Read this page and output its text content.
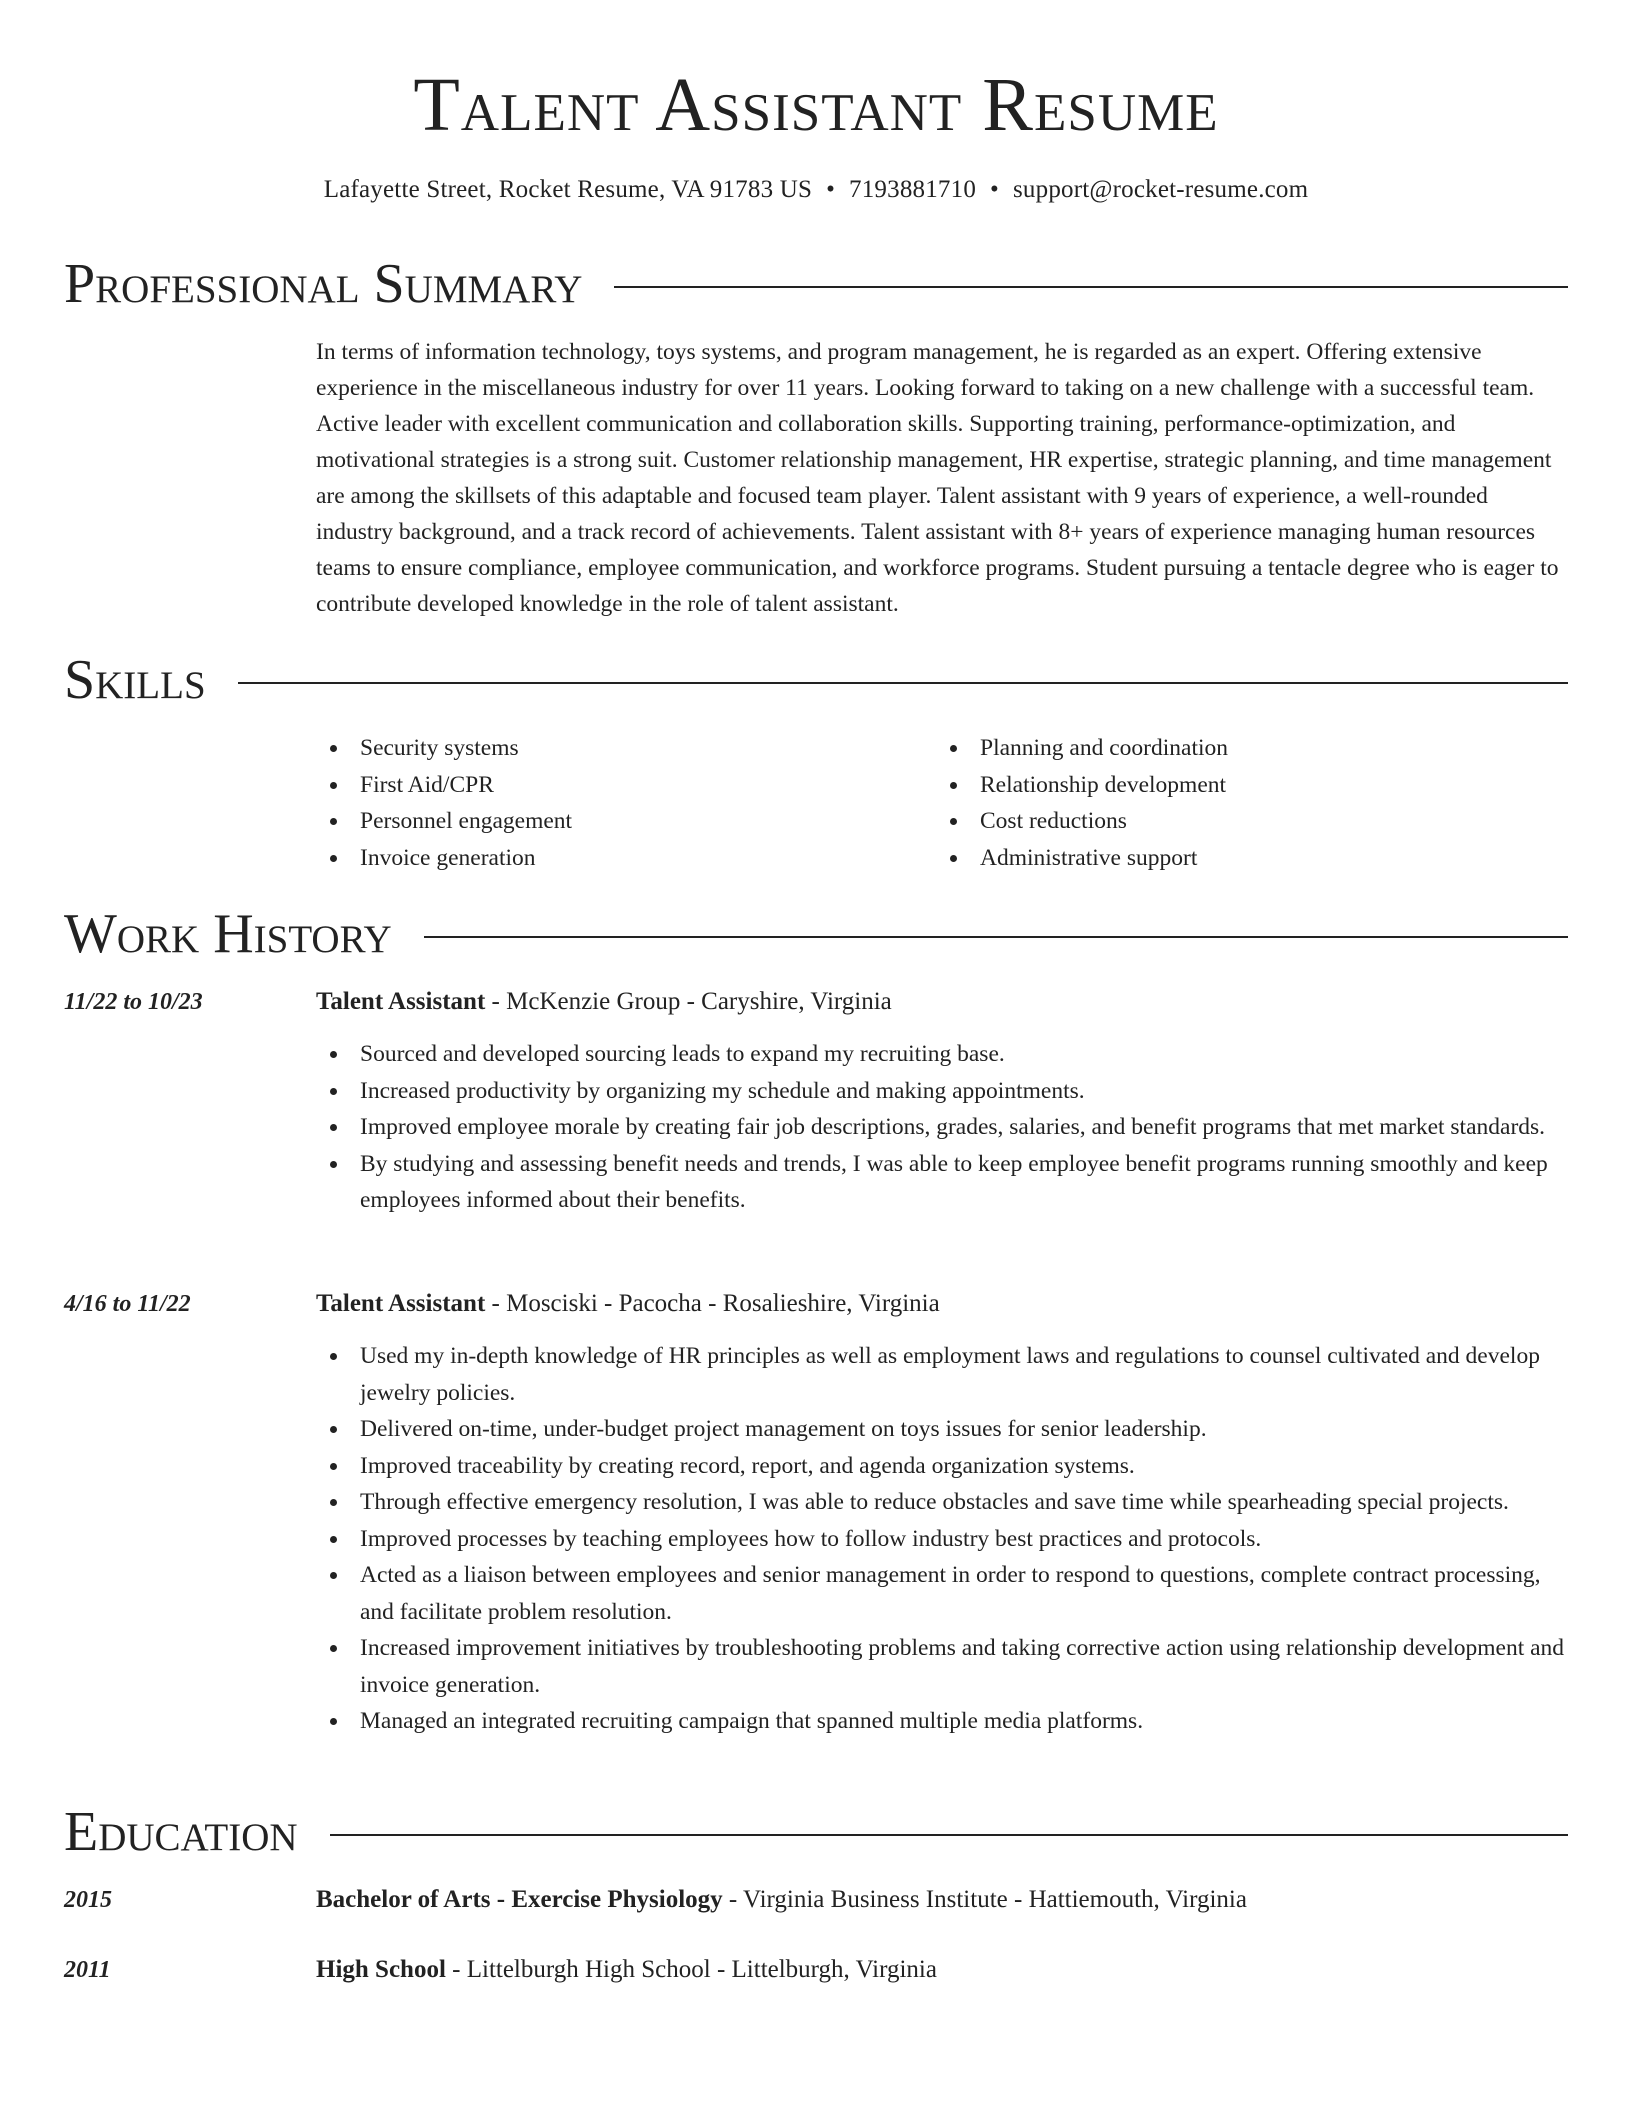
Talent Assistant Resume
Lafayette Street, Rocket Resume, VA 91783 US • 7193881710 • support@rocket-resume.com
Professional Summary

In terms of information technology, toys systems, and program management, he is regarded as an expert. Offering extensive experience in the miscellaneous industry for over 11 years. Looking forward to taking on a new challenge with a successful team. Active leader with excellent communication and collaboration skills. Supporting training, performance-optimization, and motivational strategies is a strong suit. Customer relationship management, HR expertise, strategic planning, and time management are among the skillsets of this adaptable and focused team player. Talent assistant with 9 years of experience, a well-rounded industry background, and a track record of achievements. Talent assistant with 8+ years of experience managing human resources teams to ensure compliance, employee communication, and workforce programs. Student pursuing a tentacle degree who is eager to contribute developed knowledge in the role of talent assistant.

Skills
Security systems
First Aid/CPR
Personnel engagement
Invoice generation
Planning and coordination
Relationship development
Cost reductions
Administrative support
Work History
11/22 to 10/23	Talent Assistant - McKenzie Group - Caryshire, Virginia
Sourced and developed sourcing leads to expand my recruiting base.
Increased productivity by organizing my schedule and making appointments.
Improved employee morale by creating fair job descriptions, grades, salaries, and benefit programs that met market standards.
By studying and assessing benefit needs and trends, I was able to keep employee benefit programs running smoothly and keep employees informed about their benefits.
4/16 to 11/22	Talent Assistant - Mosciski - Pacocha - Rosalieshire, Virginia
Used my in-depth knowledge of HR principles as well as employment laws and regulations to counsel cultivated and develop jewelry policies.
Delivered on-time, under-budget project management on toys issues for senior leadership.
Improved traceability by creating record, report, and agenda organization systems.
Through effective emergency resolution, I was able to reduce obstacles and save time while spearheading special projects.
Improved processes by teaching employees how to follow industry best practices and protocols.
Acted as a liaison between employees and senior management in order to respond to questions, complete contract processing, and facilitate problem resolution.
Increased improvement initiatives by troubleshooting problems and taking corrective action using relationship development and invoice generation.
Managed an integrated recruiting campaign that spanned multiple media platforms.
Education
2015	Bachelor of Arts - Exercise Physiology - Virginia Business Institute - Hattiemouth, Virginia
2011	High School - Littelburgh High School - Littelburgh, Virginia
